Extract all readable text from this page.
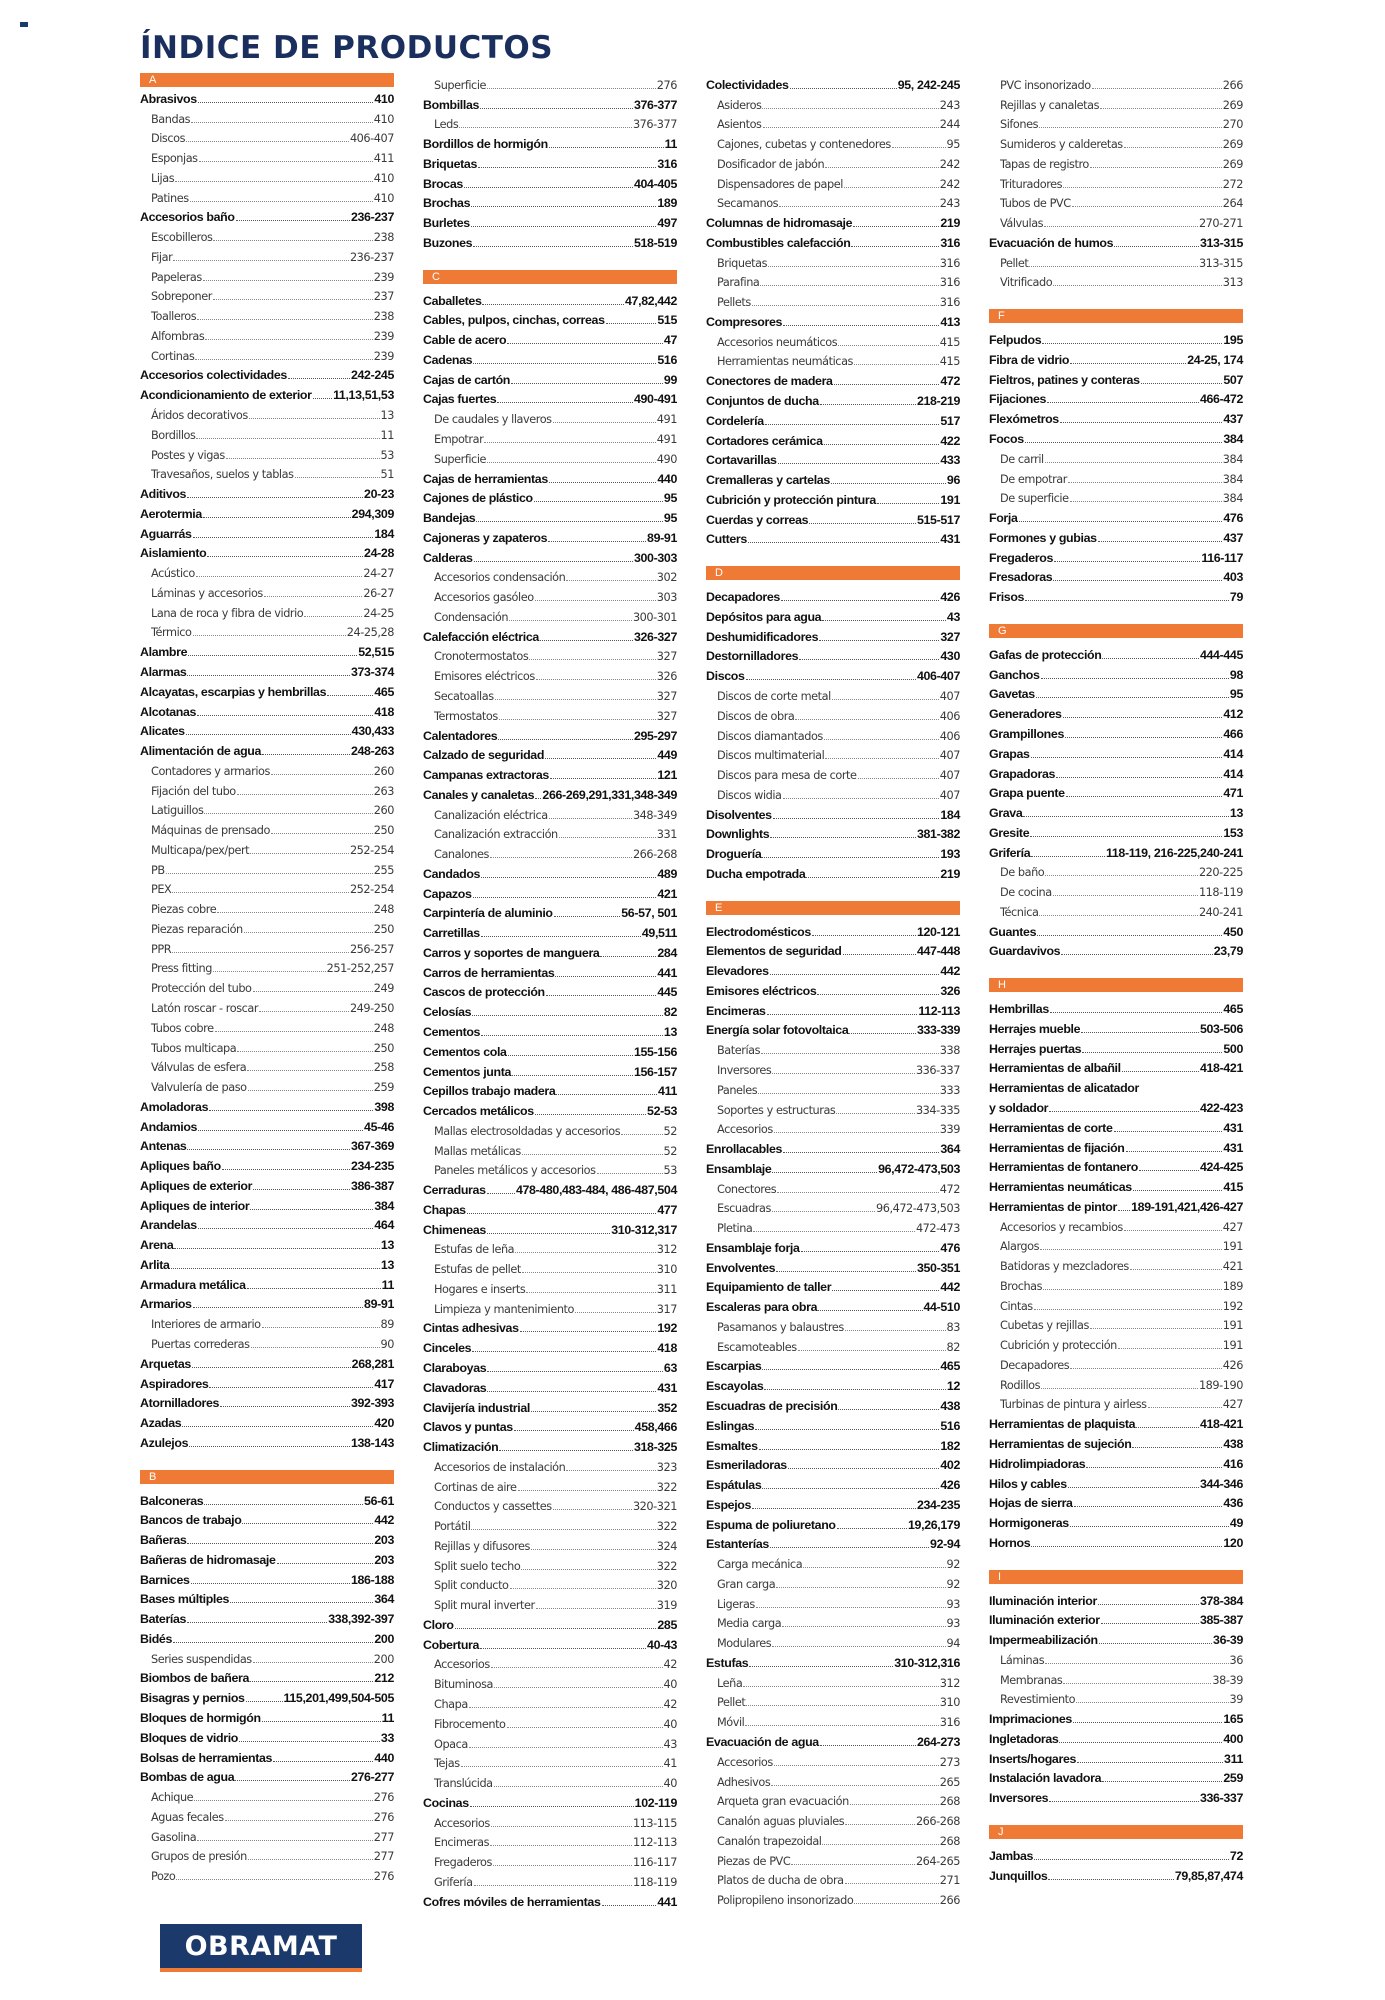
ÍNDICE DE PRODUCTOS
A
Abrasivos	410
Bandas	410
Discos	406-407
Esponjas	411
Lijas	410
Patines	410
Accesorios baño	236-237
Escobilleros	238
Fijar	236-237
Papeleras	239
Sobreponer	237
Toalleros	238
Alfombras	239
Cortinas	239
Accesorios colectividades	242-245
Acondicionamiento de exterior 11,13,51,53
Áridos decorativos	13
Bordillos	11
Postes y vigas	53
Travesaños, suelos y tablas	51
Aditivos	20-23
Aerotermia	294,309
Aguarrás	184
Aislamiento	24-28
Acústico	24-27
Láminas y accesorios	26-27
Lana de roca y fibra de vidrio	24-25
Térmico	24-25,28
Alambre	52,515
Alarmas	373-374
Alcayatas, escarpias y hembrillas	465
Alcotanas	418
Alicates	430,433
Alimentación de agua	248-263
Contadores y armarios	260
Fijación del tubo	263
Latiguillos	260
Máquinas de prensado	250
Multicapa/pex/pert	252-254
PB	255
PEX	252-254
Piezas cobre	248
Piezas reparación	250
PPR	256-257
Press fitting	251-252,257
Protección del tubo	249
Latón roscar - roscar	249-250
Tubos cobre	248
Tubos multicapa	250
Válvulas de esfera	258
Valvulería de paso	259
Amoladoras	398
Andamios	45-46
Antenas	367-369
Apliques baño	234-235
Apliques de exterior	386-387
Apliques de interior	384
Arandelas	464
Arena	13
Arlita	13
Armadura metálica	11
Armarios	89-91
Interiores de armario	89
Puertas correderas	90
Arquetas	268,281
Aspiradores	417
Atornilladores	392-393
Azadas	420
Azulejos	138-143
B
Balconeras	56-61
Bancos de trabajo	442
Bañeras	203
Bañeras de hidromasaje	203
Barnices	186-188
Bases múltiples	364
Baterías	338,392-397
Bidés	200
Series suspendidas	200
Biombos de bañera	212
Bisagras y pernios	115,201,499,504-505
Bloques de hormigón	11
Bloques de vidrio	33
Bolsas de herramientas	440
Bombas de agua	276-277
Achique	276
Aguas fecales	276
Gasolina	277
Grupos de presión	277
Pozo	276
Superficie	276
Bombillas	376-377
Leds	376-377
Bordillos de hormigón	11
Briquetas	316
Brocas	404-405
Brochas	189
Burletes	497
Buzones	518-519
C
Caballetes	47,82,442
Cables, pulpos, cinchas, correas	515
Cable de acero	47
Cadenas	516
Cajas de cartón	99
Cajas fuertes	490-491
De caudales y llaveros	491
Empotrar	491
Superficie	490
Cajas de herramientas	440
Cajones de plástico	95
Bandejas	95
Cajoneras y zapateros	89-91
Calderas	300-303
Accesorios condensación	302
Accesorios gasóleo	303
Condensación	300-301
Calefacción eléctrica	326-327
Cronotermostatos	327
Emisores eléctricos	326
Secatoallas	327
Termostatos	327
Calentadores	295-297
Calzado de seguridad	449
Campanas extractoras	121
Canales y canaletas 266-269,291,331,348-349
Canalización eléctrica	348-349
Canalización extracción	331
Canalones	266-268
Candados	489
Capazos	421
Carpintería de aluminio	56-57, 501
Carretillas	49,511
Carros y soportes de manguera	284
Carros de herramientas	441
Cascos de protección	445
Celosías	82
Cementos	13
Cementos cola	155-156
Cementos junta	156-157
Cepillos trabajo madera	411
Cercados metálicos	52-53
Mallas electrosoldadas y accesorios	52
Mallas metálicas	52
Paneles metálicos y accesorios	53
Cerraduras 478-480,483-484, 486-487,504
Chapas	477
Chimeneas	310-312,317
Estufas de leña	312
Estufas de pellet	310
Hogares e inserts	311
Limpieza y mantenimiento	317
Cintas adhesivas	192
Cinceles	418
Claraboyas	63
Clavadoras	431
Clavijería industrial	352
Clavos y puntas	458,466
Climatización	318-325
Accesorios de instalación	323
Cortinas de aire	322
Conductos y cassettes	320-321
Portátil	322
Rejillas y difusores	324
Split suelo techo	322
Split conducto	320
Split mural inverter	319
Cloro	285
Cobertura	40-43
Accesorios	42
Bituminosa	40
Chapa	42
Fibrocemento	40
Opaca	43
Tejas	41
Translúcida	40
Cocinas	102-119
Accesorios	113-115
Encimeras	112-113
Fregaderos	116-117
Grifería	118-119
Cofres móviles de herramientas	441
Colectividades	95, 242-245
Asideros	243
Asientos	244
Cajones, cubetas y contenedores	95
Dosificador de jabón	242
Dispensadores de papel	242
Secamanos	243
Columnas de hidromasaje	219
Combustibles calefacción	316
Briquetas	316
Parafina	316
Pellets	316
Compresores	413
Accesorios neumáticos	415
Herramientas neumáticas	415
Conectores de madera	472
Conjuntos de ducha	218-219
Cordelería	517
Cortadores cerámica	422
Cortavarillas	433
Cremalleras y cartelas	96
Cubrición y protección pintura	191
Cuerdas y correas	515-517
Cutters	431
D
Decapadores	426
Depósitos para agua	43
Deshumidificadores	327
Destornilladores	430
Discos	406-407
Discos de corte metal	407
Discos de obra	406
Discos diamantados	406
Discos multimaterial	407
Discos para mesa de corte	407
Discos widia	407
Disolventes	184
Downlights	381-382
Droguería	193
Ducha empotrada	219
E
Electrodomésticos	120-121
Elementos de seguridad	447-448
Elevadores	442
Emisores eléctricos	326
Encimeras	112-113
Energía solar fotovoltaica	333-339
Baterías	338
Inversores	336-337
Paneles	333
Soportes y estructuras	334-335
Accesorios	339
Enrollacables	364
Ensamblaje	96,472-473,503
Conectores	472
Escuadras	96,472-473,503
Pletina	472-473
Ensamblaje forja	476
Envolventes	350-351
Equipamiento de taller	442
Escaleras para obra	44-510
Pasamanos y balaustres	83
Escamoteables	82
Escarpias	465
Escayolas	12
Escuadras de precisión	438
Eslingas	516
Esmaltes	182
Esmeriladoras	402
Espátulas	426
Espejos	234-235
Espuma de poliuretano	19,26,179
Estanterías	92-94
Carga mecánica	92
Gran carga	92
Ligeras	93
Media carga	93
Modulares	94
Estufas	310-312,316
Leña	312
Pellet	310
Móvil	316
Evacuación de agua	264-273
Accesorios	273
Adhesivos	265
Arqueta gran evacuación	268
Canalón aguas pluviales	266-268
Canalón trapezoidal	268
Piezas de PVC	264-265
Platos de ducha de obra	271
Polipropileno insonorizado	266
PVC insonorizado	266
Rejillas y canaletas	269
Sifones	270
Sumideros y calderetas	269
Tapas de registro	269
Trituradores	272
Tubos de PVC	264
Válvulas	270-271
Evacuación de humos	313-315
Pellet	313-315
Vitrificado	313
F
Felpudos	195
Fibra de vidrio	24-25, 174
Fieltros, patines y conteras	507
Fijaciones	466-472
Flexómetros	437
Focos	384
De carril	384
De empotrar	384
De superficie	384
Forja	476
Formones y gubias	437
Fregaderos	116-117
Fresadoras	403
Frisos	79
G
Gafas de protección	444-445
Ganchos	98
Gavetas	95
Generadores	412
Grampillones	466
Grapas	414
Grapadoras	414
Grapa puente	471
Grava	13
Gresite	153
Grifería	118-119, 216-225,240-241
De baño	220-225
De cocina	118-119
Técnica	240-241
Guantes	450
Guardavivos	23,79
H
Hembrillas	465
Herrajes mueble	503-506
Herrajes puertas	500
Herramientas de albañil	418-421
Herramientas de alicatador
y soldador	422-423
Herramientas de corte	431
Herramientas de fijación	431
Herramientas de fontanero	424-425
Herramientas neumáticas	415
Herramientas de pintor 189-191,421,426-427
Accesorios y recambios	427
Alargos	191
Batidoras y mezcladores	421
Brochas	189
Cintas	192
Cubetas y rejillas	191
Cubrición y protección	191
Decapadores	426
Rodillos	189-190
Turbinas de pintura y airless	427
Herramientas de plaquista	418-421
Herramientas de sujeción	438
Hidrolimpiadoras	416
Hilos y cables	344-346
Hojas de sierra	436
Hormigoneras	49
Hornos	120
I
Iluminación interior	378-384
Iluminación exterior	385-387
Impermeabilización	36-39
Láminas	36
Membranas	38-39
Revestimiento	39
Imprimaciones	165
Ingletadoras	400
Inserts/hogares	311
Instalación lavadora	259
Inversores	336-337
J
Jambas	72
Junquillos	79,85,87,474
OBRAMAT
